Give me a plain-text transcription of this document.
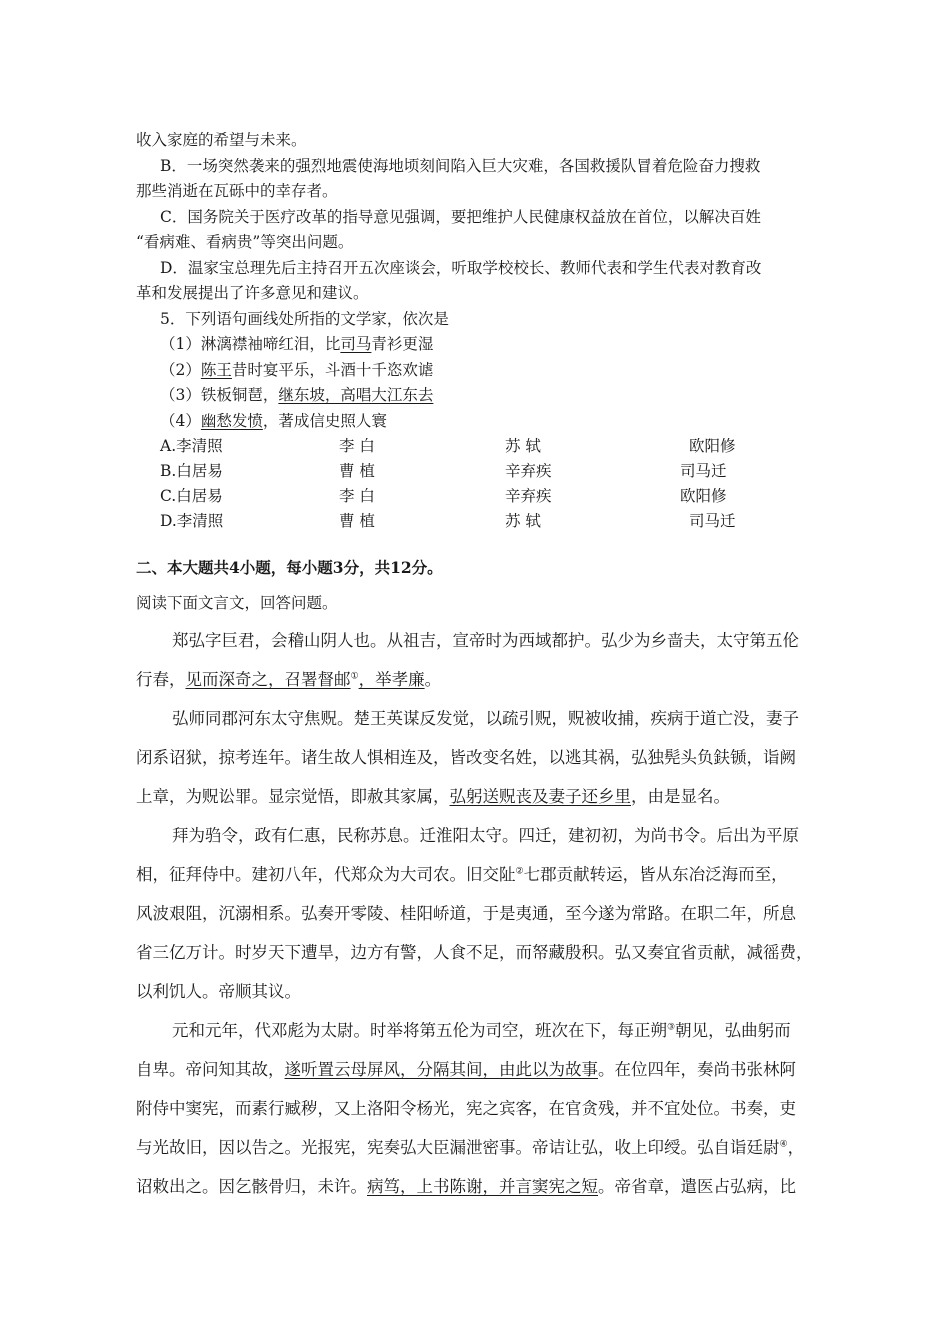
收入家庭的希望与未来。
B．一场突然袭来的强烈地震使海地顷刻间陷入巨大灾难，各国救援队冒着危险奋力搜救
那些消逝在瓦砾中的幸存者。
C．国务院关于医疗改革的指导意见强调，要把维护人民健康权益放在首位，以解决百姓
“看病难、看病贵”等突出问题。
D．温家宝总理先后主持召开五次座谈会，听取学校校长、教师代表和学生代表对教育改
革和发展提出了许多意见和建议。
5．下列语句画线处所指的文学家，依次是
（1）淋漓襟袖啼红泪，比司马青衫更湿
（2）陈王昔时宴平乐，斗酒十千恣欢谑
（3）铁板铜琶，继东坡，高唱大江东去
（4）幽愁发愤，著成信史照人寰
A.李清照	李 白	苏 轼	欧阳修
B.白居易	曹 植	辛弃疾	司马迁
C.白居易	李 白	辛弃疾	欧阳修
D.李清照	曹 植	苏 轼	司马迁
二、本大题共4小题，每小题3分，共12分。
阅读下面文言文，回答问题。
郑弘字巨君，会稽山阴人也。从祖吉，宣帝时为西域都护。弘少为乡啬夫，太守第五伦
行春，见而深奇之，召署督邮①，举孝廉。
弘师同郡河东太守焦贶。楚王英谋反发觉，以疏引贶，贶被收捕，疾病于道亡没，妻子
闭系诏狱，掠考连年。诸生故人惧相连及，皆改变名姓，以逃其祸，弘独髡头负鈇锧，诣阙
上章，为贶讼罪。显宗觉悟，即赦其家属，弘躬送贶丧及妻子还乡里，由是显名。
拜为驺令，政有仁惠，民称苏息。迁淮阳太守。四迁，建初初，为尚书令。后出为平原
相，征拜侍中。建初八年，代郑众为大司农。旧交阯②七郡贡献转运，皆从东冶泛海而至，
风波艰阻，沉溺相系。弘奏开零陵、桂阳峤道，于是夷通，至今遂为常路。在职二年，所息
省三亿万计。时岁天下遭旱，边方有警，人食不足，而帑藏殷积。弘又奏宜省贡献，减徭费，
以利饥人。帝顺其议。
元和元年，代邓彪为太尉。时举将第五伦为司空，班次在下，每正朔③朝见，弘曲躬而
自卑。帝问知其故，遂听置云母屏风，分隔其间，由此以为故事。在位四年，奏尚书张林阿
附侍中窦宪，而素行臧秽，又上洛阳令杨光，宪之宾客，在官贪残，并不宜处位。书奏，吏
与光故旧，因以告之。光报宪，宪奏弘大臣漏泄密事。帝诘让弘，收上印绶。弘自诣廷尉④，
诏敕出之。因乞骸骨归，未许。病笃，上书陈谢，并言窦宪之短。帝省章，遣医占弘病，比
